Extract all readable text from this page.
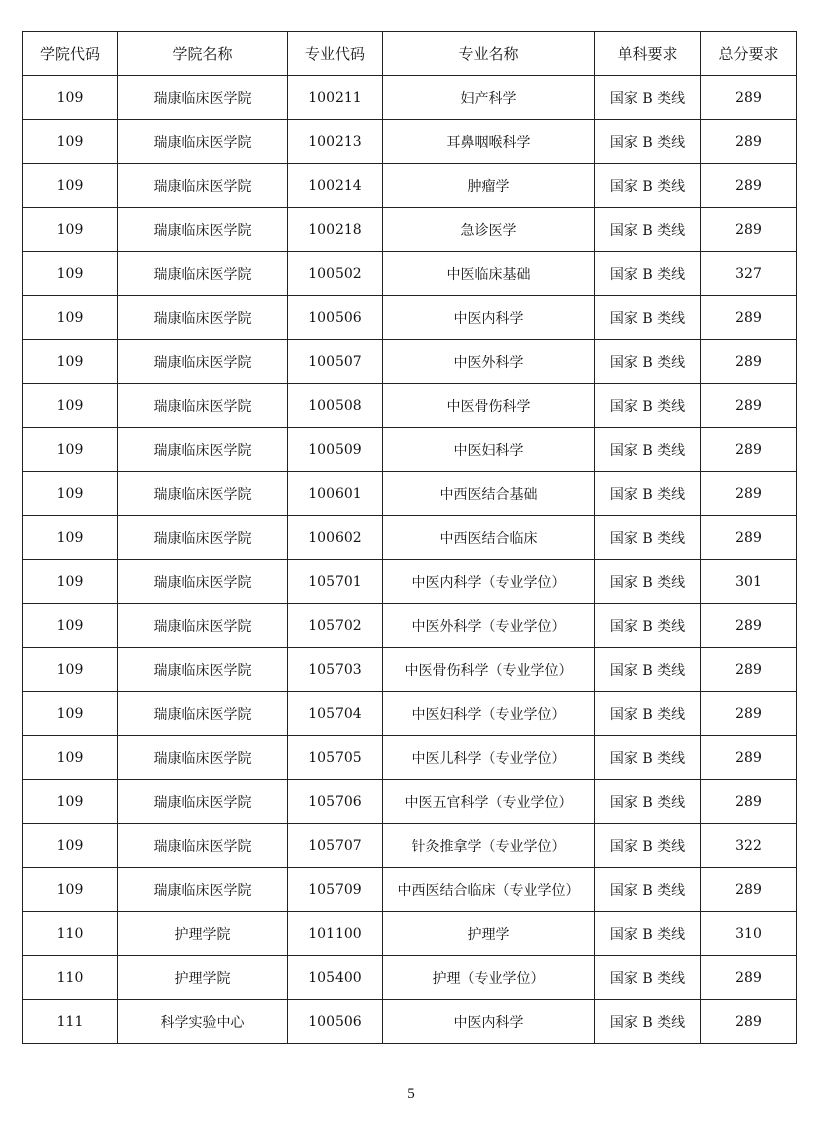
学院代码	学院名称	专业代码	专业名称	单科要求	总分要求
109	瑞康临床医学院	100211	妇产科学	国家 B 类线	289
109	瑞康临床医学院	100213	耳鼻咽喉科学	国家 B 类线	289
109	瑞康临床医学院	100214	肿瘤学	国家 B 类线	289
109	瑞康临床医学院	100218	急诊医学	国家 B 类线	289
109	瑞康临床医学院	100502	中医临床基础	国家 B 类线	327
109	瑞康临床医学院	100506	中医内科学	国家 B 类线	289
109	瑞康临床医学院	100507	中医外科学	国家 B 类线	289
109	瑞康临床医学院	100508	中医骨伤科学	国家 B 类线	289
109	瑞康临床医学院	100509	中医妇科学	国家 B 类线	289
109	瑞康临床医学院	100601	中西医结合基础	国家 B 类线	289
109	瑞康临床医学院	100602	中西医结合临床	国家 B 类线	289
109	瑞康临床医学院	105701	中医内科学（专业学位）	国家 B 类线	301
109	瑞康临床医学院	105702	中医外科学（专业学位）	国家 B 类线	289
109	瑞康临床医学院	105703	中医骨伤科学（专业学位）	国家 B 类线	289
109	瑞康临床医学院	105704	中医妇科学（专业学位）	国家 B 类线	289
109	瑞康临床医学院	105705	中医儿科学（专业学位）	国家 B 类线	289
109	瑞康临床医学院	105706	中医五官科学（专业学位）	国家 B 类线	289
109	瑞康临床医学院	105707	针灸推拿学（专业学位）	国家 B 类线	322
109	瑞康临床医学院	105709	中西医结合临床（专业学位）	国家 B 类线	289
110	护理学院	101100	护理学	国家 B 类线	310
110	护理学院	105400	护理（专业学位）	国家 B 类线	289
111	科学实验中心	100506	中医内科学	国家 B 类线	289
5
